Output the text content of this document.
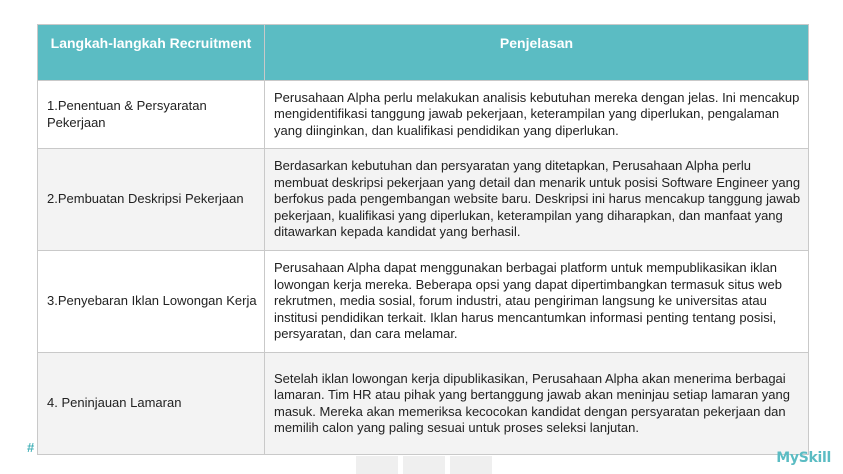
Langkah-langkah Recruitment	Penjelasan
1.Penentuan & Persyaratan Pekerjaan	Perusahaan Alpha perlu melakukan analisis kebutuhan mereka dengan jelas. Ini mencakup mengidentifikasi tanggung jawab pekerjaan, keterampilan yang diperlukan, pengalaman yang diinginkan, dan kualifikasi pendidikan yang diperlukan.
2.Pembuatan Deskripsi Pekerjaan	Berdasarkan kebutuhan dan persyaratan yang ditetapkan, Perusahaan Alpha perlu membuat deskripsi pekerjaan yang detail dan menarik untuk posisi Software Engineer yang berfokus pada pengembangan website baru. Deskripsi ini harus mencakup tanggung jawab pekerjaan, kualifikasi yang diperlukan, keterampilan yang diharapkan, dan manfaat yang ditawarkan kepada kandidat yang berhasil.
3.Penyebaran Iklan Lowongan Kerja	Perusahaan Alpha dapat menggunakan berbagai platform untuk mempublikasikan iklan lowongan kerja mereka. Beberapa opsi yang dapat dipertimbangkan termasuk situs web rekrutmen, media sosial, forum industri, atau pengiriman langsung ke universitas atau institusi pendidikan terkait. Iklan harus mencantumkan informasi penting tentang posisi, persyaratan, dan cara melamar.
4. Peninjauan Lamaran	Setelah iklan lowongan kerja dipublikasikan, Perusahaan Alpha akan menerima berbagai lamaran. Tim HR atau pihak yang bertanggung jawab akan meninjau setiap lamaran yang masuk. Mereka akan memeriksa kecocokan kandidat dengan persyaratan pekerjaan dan memilih calon yang paling sesuai untuk proses seleksi lanjutan.
#
MySkill
